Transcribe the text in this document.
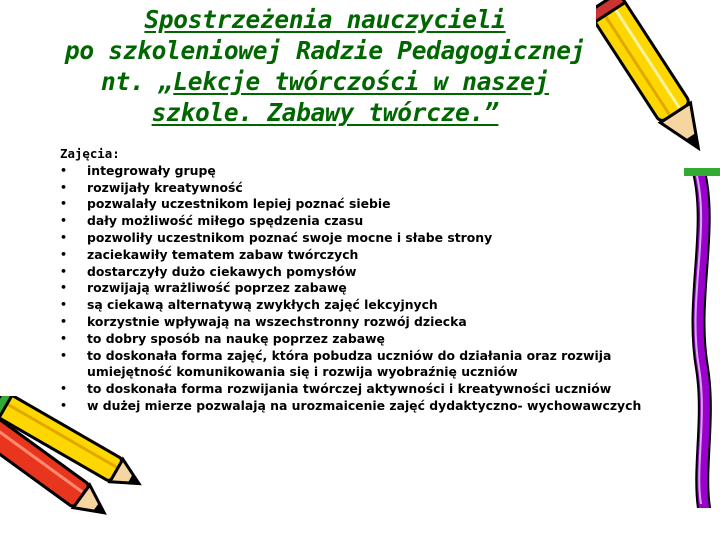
Spostrzeżenia nauczycieli
po szkoleniowej Radzie Pedagogicznej
nt. „Lekcje twórczości w naszej
szkole. Zabawy twórcze.”
Zajęcia:
• integrowały grupę
• rozwijały kreatywność
• pozwalały uczestnikom lepiej poznać siebie
• dały możliwość miłego spędzenia czasu
• pozwoliły uczestnikom poznać swoje mocne i słabe strony
• zaciekawiły tematem zabaw twórczych
• dostarczyły dużo ciekawych pomysłów
• rozwijają wrażliwość poprzez zabawę
• są ciekawą alternatywą zwykłych zajęć lekcyjnych
• korzystnie wpływają na wszechstronny rozwój dziecka
• to dobry sposób na naukę poprzez zabawę
• to doskonała forma zajęć, która pobudza uczniów do działania oraz rozwija umiejętność komunikowania się i rozwija wyobraźnię uczniów
• to doskonała forma rozwijania twórczej aktywności i kreatywności uczniów
• w dużej mierze pozwalają na urozmaicenie zajęć dydaktyczno- wychowawczych
